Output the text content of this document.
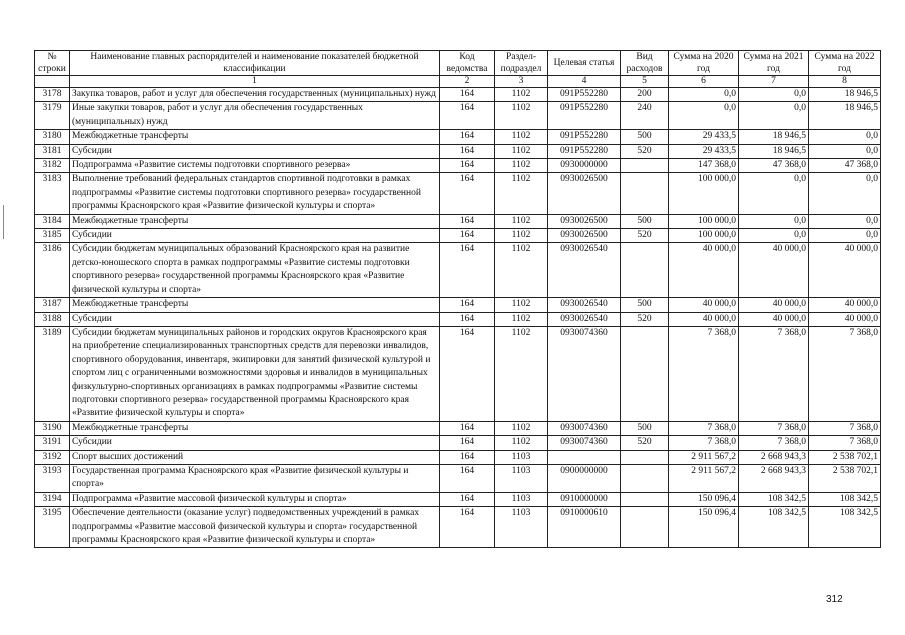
№ строки	Наименование главных распорядителей и наименование показателей бюджетной классификации	Код ведомства	Раздел-подраздел	Целевая статья	Вид расходов	Сумма на 2020 год	Сумма на 2021 год	Сумма на 2022 год
	1	2	3	4	5	6	7	8
3178	Закупка товаров, работ и услуг для обеспечения государственных (муниципальных) нужд	164	1102	091P552280	200	0,0	0,0	18 946,5
3179	Иные закупки товаров, работ и услуг для обеспечения государственных (муниципальных) нужд	164	1102	091P552280	240	0,0	0,0	18 946,5
3180	Межбюджетные трансферты	164	1102	091P552280	500	29 433,5	18 946,5	0,0
3181	Субсидии	164	1102	091P552280	520	29 433,5	18 946,5	0,0
3182	Подпрограмма «Развитие системы подготовки спортивного резерва»	164	1102	0930000000		147 368,0	47 368,0	47 368,0
3183	Выполнение требований федеральных стандартов спортивной подготовки в рамках подпрограммы «Развитие системы подготовки спортивного резерва» государственной программы Красноярского края «Развитие физической культуры и спорта»	164	1102	0930026500		100 000,0	0,0	0,0
3184	Межбюджетные трансферты	164	1102	0930026500	500	100 000,0	0,0	0,0
3185	Субсидии	164	1102	0930026500	520	100 000,0	0,0	0,0
3186	Субсидии бюджетам муниципальных образований Красноярского края на развитие детско-юношеского спорта в рамках подпрограммы «Развитие системы подготовки спортивного резерва» государственной программы Красноярского края «Развитие физической культуры и спорта»	164	1102	0930026540		40 000,0	40 000,0	40 000,0
3187	Межбюджетные трансферты	164	1102	0930026540	500	40 000,0	40 000,0	40 000,0
3188	Субсидии	164	1102	0930026540	520	40 000,0	40 000,0	40 000,0
3189	Субсидии бюджетам муниципальных районов и городских округов Красноярского края на приобретение специализированных транспортных средств для перевозки инвалидов, спортивного оборудования, инвентаря, экипировки для занятий физической культурой и спортом лиц с ограниченными возможностями здоровья и инвалидов в муниципальных физкультурно-спортивных организациях в рамках подпрограммы «Развитие системы подготовки спортивного резерва» государственной программы Красноярского края «Развитие физической культуры и спорта»	164	1102	0930074360		7 368,0	7 368,0	7 368,0
3190	Межбюджетные трансферты	164	1102	0930074360	500	7 368,0	7 368,0	7 368,0
3191	Субсидии	164	1102	0930074360	520	7 368,0	7 368,0	7 368,0
3192	Спорт высших достижений	164	1103			2 911 567,2	2 668 943,3	2 538 702,1
3193	Государственная программа Красноярского края «Развитие физической культуры и спорта»	164	1103	0900000000		2 911 567,2	2 668 943,3	2 538 702,1
3194	Подпрограмма «Развитие массовой физической культуры и спорта»	164	1103	0910000000		150 096,4	108 342,5	108 342,5
3195	Обеспечение деятельности (оказание услуг) подведомственных учреждений в рамках подпрограммы «Развитие массовой физической культуры и спорта» государственной программы Красноярского края «Развитие физической культуры и спорта»	164	1103	0910000610		150 096,4	108 342,5	108 342,5
312
